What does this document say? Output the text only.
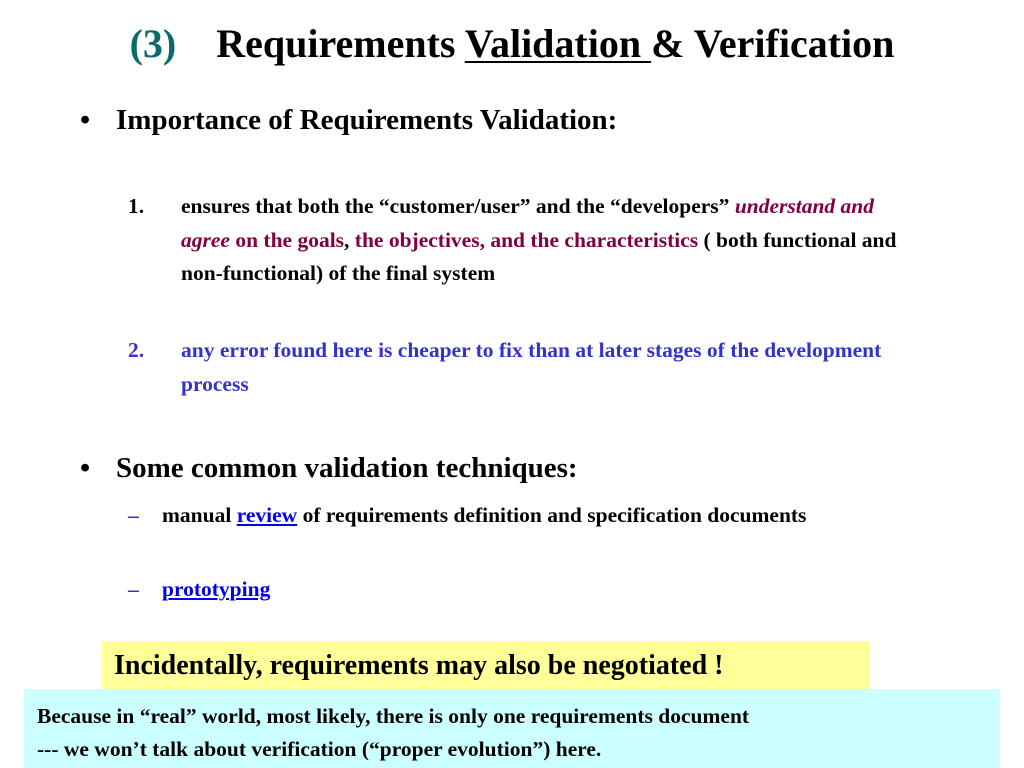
(3) Requirements Validation & Verification
• Importance of Requirements Validation:
1. ensures that both the “customer/user” and the “developers” understand and agree on the goals, the objectives, and the characteristics ( both functional and non-functional) of the final system
2. any error found here is cheaper to fix than at later stages of the development process
• Some common validation techniques:
– manual review of requirements definition and specification documents
– prototyping
Incidentally, requirements may also be negotiated !
Because in “real” world, most likely, there is only one requirements document
--- we won’t talk about verification (“proper evolution”) here.
